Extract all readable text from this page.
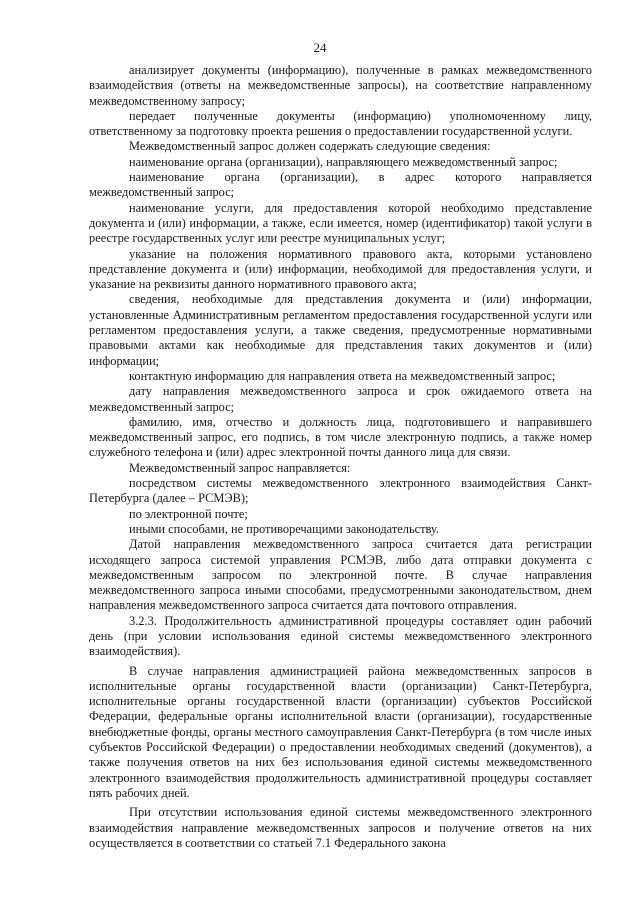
24

анализирует документы (информацию), полученные в рамках межведомственного взаимодействия (ответы на межведомственные запросы), на соответствие направленному межведомственному запросу;

передает полученные документы (информацию) уполномоченному лицу, ответственному за подготовку проекта решения о предоставлении государственной услуги.

Межведомственный запрос должен содержать следующие сведения:

наименование органа (организации), направляющего межведомственный запрос;

наименование органа (организации), в адрес которого направляется межведомственный запрос;

наименование услуги, для предоставления которой необходимо представление документа и (или) информации, а также, если имеется, номер (идентификатор) такой услуги в реестре государственных услуг или реестре муниципальных услуг;

указание на положения нормативного правового акта, которыми установлено представление документа и (или) информации, необходимой для предоставления услуги, и указание на реквизиты данного нормативного правового акта;

сведения, необходимые для представления документа и (или) информации, установленные Административным регламентом предоставления государственной услуги или регламентом предоставления услуги, а также сведения, предусмотренные нормативными правовыми актами как необходимые для представления таких документов и (или) информации;

контактную информацию для направления ответа на межведомственный запрос;

дату направления межведомственного запроса и срок ожидаемого ответа на межведомственный запрос;

фамилию, имя, отчество и должность лица, подготовившего и направившего межведомственный запрос, его подпись, в том числе электронную подпись, а также номер служебного телефона и (или) адрес электронной почты данного лица для связи.

Межведомственный запрос направляется:

посредством системы межведомственного электронного взаимодействия Санкт-Петербурга (далее – РСМЭВ);

по электронной почте;

иными способами, не противоречащими законодательству.

Датой направления межведомственного запроса считается дата регистрации исходящего запроса системой управления РСМЭВ, либо дата отправки документа с межведомственным запросом по электронной почте. В случае направления межведомственного запроса иными способами, предусмотренными законодательством, днем направления межведомственного запроса считается дата почтового отправления.

3.2.3. Продолжительность административной процедуры составляет один рабочий день (при условии использования единой системы межведомственного электронного взаимодействия).

В случае направления администрацией района межведомственных запросов в исполнительные органы государственной власти (организации) Санкт-Петербурга, исполнительные органы государственной власти (организации) субъектов Российской Федерации, федеральные органы исполнительной власти (организации), государственные внебюджетные фонды, органы местного самоуправления Санкт-Петербурга (в том числе иных субъектов Российской Федерации) о предоставлении необходимых сведений (документов), а также получения ответов на них без использования единой системы межведомственного электронного взаимодействия продолжительность административной процедуры составляет пять рабочих дней.

При отсутствии использования единой системы межведомственного электронного взаимодействия направление межведомственных запросов и получение ответов на них осуществляется в соответствии со статьей 7.1 Федерального закона
